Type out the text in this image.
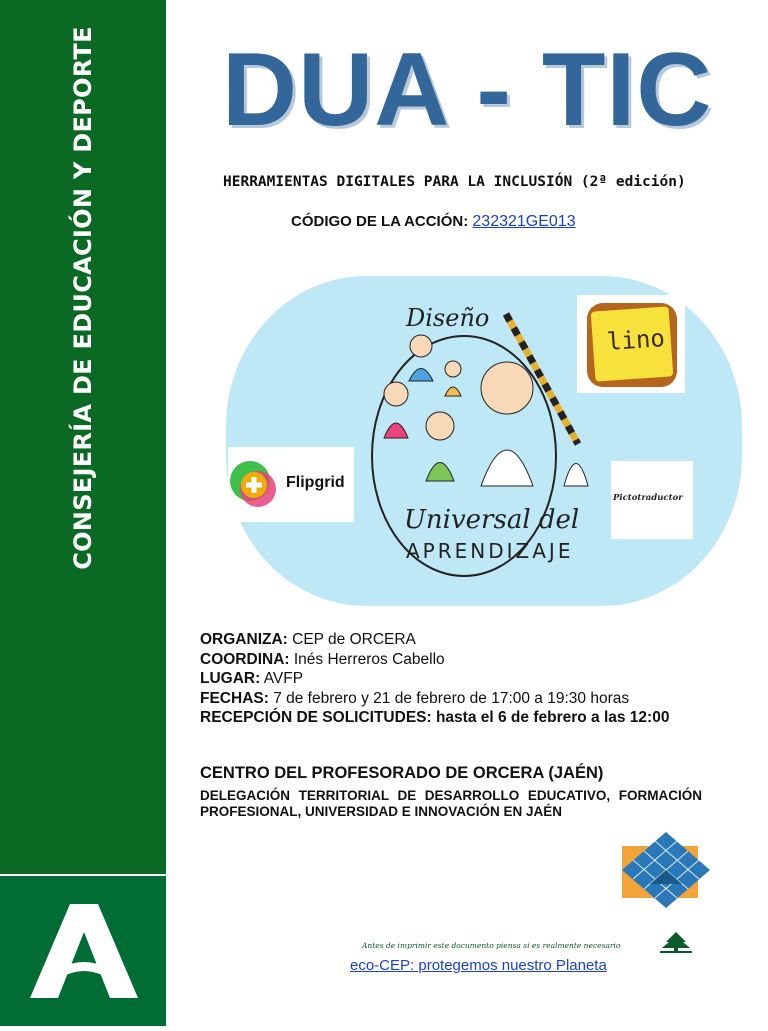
CONSEJERÍA DE EDUCACIÓN Y DEPORTE DUA - TIC
HERRAMIENTAS DIGITALES PARA LA INCLUSIÓN (2ª edición)
CÓDIGO DE LA ACCIÓN: 232321GE013
Diseño
Universal del
APRENDIZAJE
Flipgrid
lino
Pictotraductor
ORGANIZA: CEP de ORCERA
COORDINA: Inés Herreros Cabello
LUGAR: AVFP
FECHAS: 7 de febrero y 21 de febrero de 17:00 a 19:30 horas
RECEPCIÓN DE SOLICITUDES: hasta el 6 de febrero a las 12:00
CENTRO DEL PROFESORADO DE ORCERA (JAÉN)
DELEGACIÓN TERRITORIAL DE DESARROLLO EDUCATIVO, FORMACIÓN PROFESIONAL, UNIVERSIDAD E INNOVACIÓN EN JAÉN
Antes de imprimir este documento piensa si es realmente necesario
eco-CEP: protegemos nuestro Planeta
